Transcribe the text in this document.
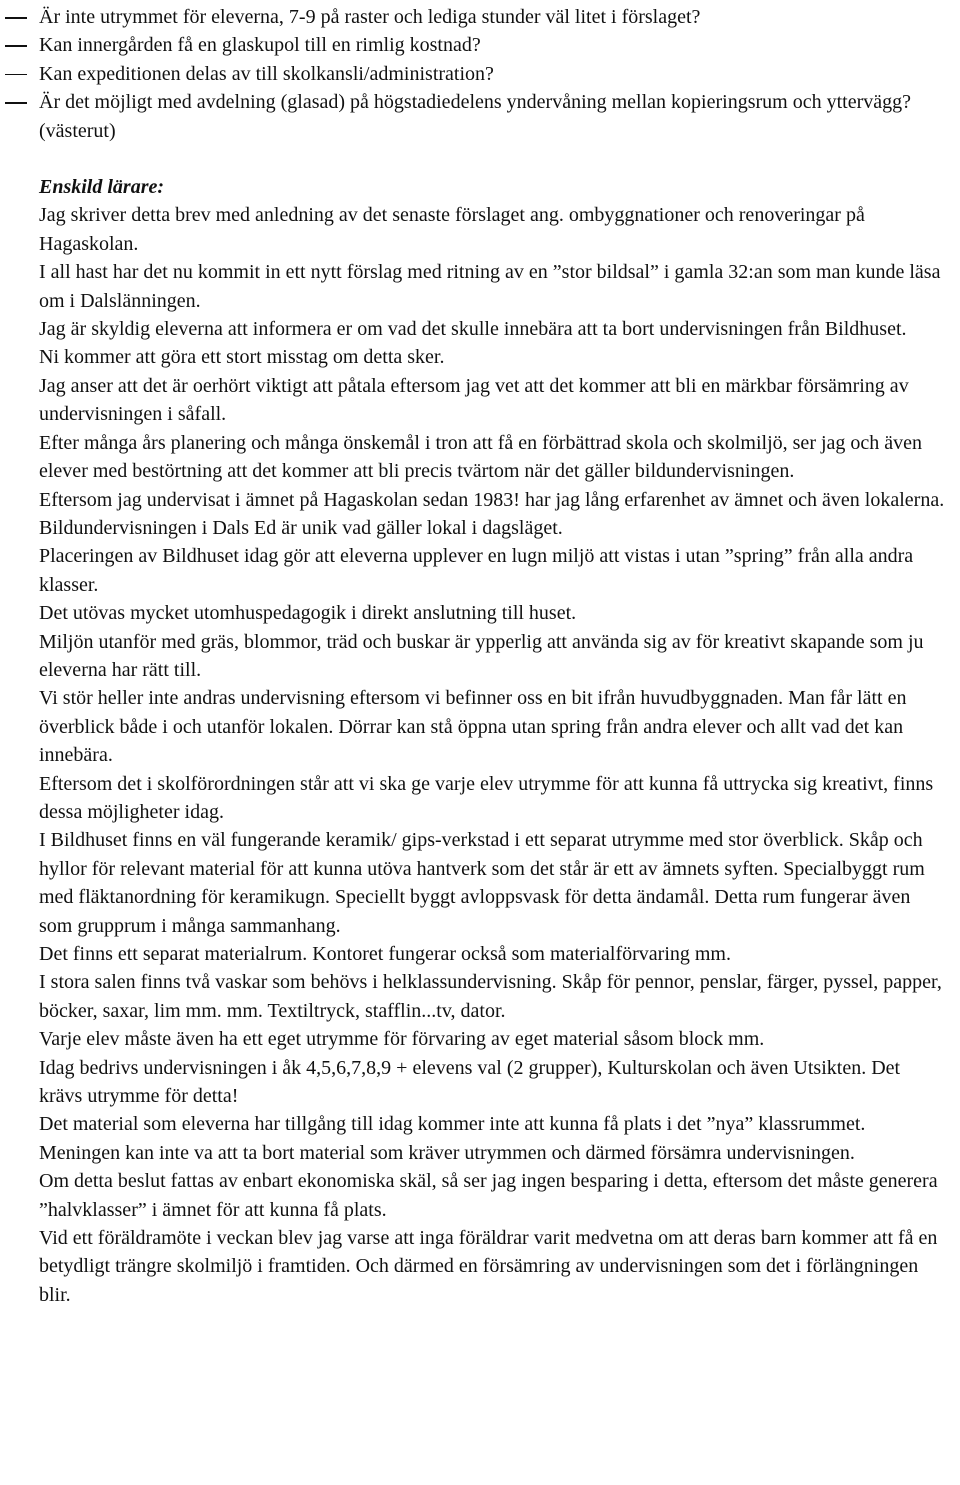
Är inte utrymmet för eleverna, 7-9 på raster och lediga stunder väl litet i förslaget?
Kan innergården få en glaskupol till en rimlig kostnad?
Kan expeditionen delas av till skolkansli/administration?
Är det möjligt med avdelning (glasad) på högstadiedelens yndervåning mellan kopieringsrum och yttervägg? (västerut)
Enskild lärare:

Jag skriver detta brev med anledning av det senaste förslaget ang. ombyggnationer och renoveringar på Hagaskolan.

I all hast har det nu kommit in ett nytt förslag med ritning av en ”stor bildsal” i gamla 32:an som man kunde läsa om i Dalslänningen.

Jag är skyldig eleverna att informera er om vad det skulle innebära att ta bort undervisningen från Bildhuset.

Ni kommer att göra ett stort misstag om detta sker.

Jag anser att det är oerhört viktigt att påtala eftersom jag vet att det kommer att bli en märkbar försämring av undervisningen i såfall.

Efter många års planering och många önskemål i tron att få en förbättrad skola och skolmiljö, ser jag och även elever med bestörtning att det kommer att bli precis tvärtom när det gäller bildundervisningen.

Eftersom jag undervisat i ämnet på Hagaskolan sedan 1983! har jag lång erfarenhet av ämnet och även lokalerna.

Bildundervisningen i Dals Ed är unik vad gäller lokal i dagsläget.

Placeringen av Bildhuset idag gör att eleverna upplever en lugn miljö att vistas i utan ”spring” från alla andra klasser.

Det utövas mycket utomhuspedagogik i direkt anslutning till huset.

Miljön utanför med gräs, blommor, träd och buskar är ypperlig att använda sig av för kreativt skapande som ju eleverna har rätt till.

Vi stör heller inte andras undervisning eftersom vi befinner oss en bit ifrån huvudbyggnaden. Man får lätt en överblick både i och utanför lokalen. Dörrar kan stå öppna utan spring från andra elever och allt vad det kan innebära.

Eftersom det i skolförordningen står att vi ska ge varje elev utrymme för att kunna få uttrycka sig kreativt, finns dessa möjligheter idag.

I Bildhuset finns en väl fungerande keramik/ gips-verkstad i ett separat utrymme med stor överblick. Skåp och hyllor för relevant material för att kunna utöva hantverk som det står är ett av ämnets syften. Specialbyggt rum med fläktanordning för keramikugn. Speciellt byggt avloppsvask för detta ändamål. Detta rum fungerar även som grupprum i många sammanhang.

Det finns ett separat materialrum. Kontoret fungerar också som materialförvaring mm.

I stora salen finns två vaskar som behövs i helklassundervisning. Skåp för pennor, penslar, färger, pyssel, papper, böcker, saxar, lim mm. mm. Textiltryck, stafflin...tv, dator.

Varje elev måste även ha ett eget utrymme för förvaring av eget material såsom block mm.

Idag bedrivs undervisningen i åk 4,5,6,7,8,9 + elevens val (2 grupper), Kulturskolan och även Utsikten. Det krävs utrymme för detta!

Det material som eleverna har tillgång till idag kommer inte att kunna få plats i det ”nya” klassrummet.

Meningen kan inte va att ta bort material som kräver utrymmen och därmed försämra undervisningen.

Om detta beslut fattas av enbart ekonomiska skäl, så ser jag ingen besparing i detta, eftersom det måste generera ”halvklasser” i ämnet för att kunna få plats.

Vid ett föräldramöte i veckan blev jag varse att inga föräldrar varit medvetna om att deras barn kommer att få en betydligt trängre skolmiljö i framtiden. Och därmed en försämring av undervisningen som det i förlängningen blir.
